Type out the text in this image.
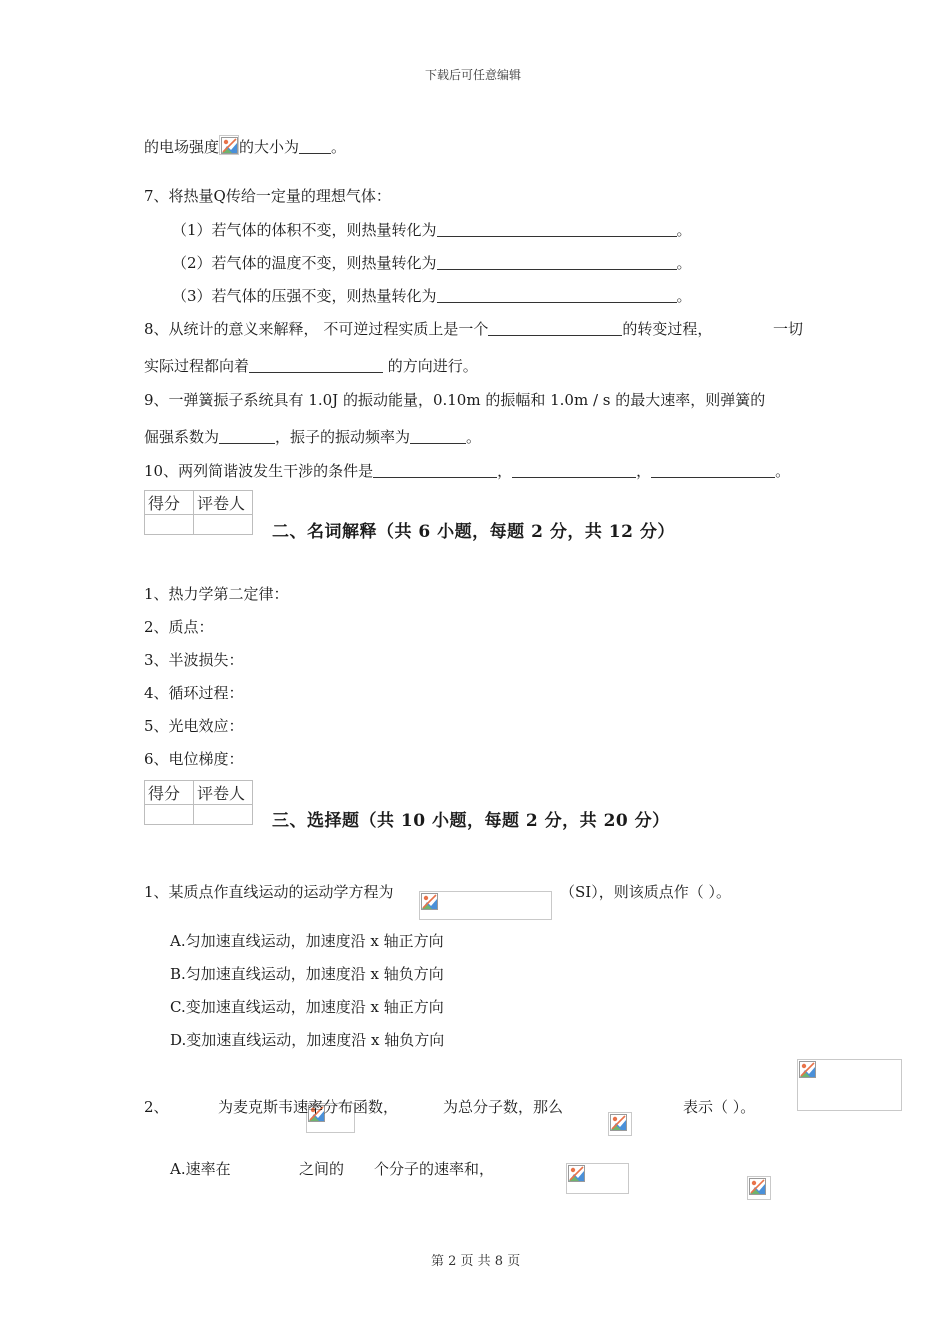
下载后可任意编辑
的电场强度 的大小为 。
7、将热量Q传给一定量的理想气体：
（1）若气体的体积不变，则热量转化为	。
（2）若气体的温度不变，则热量转化为	。
（3）若气体的压强不变，则热量转化为	。
8、从统计的意义来解释， 不可逆过程实质上是一个	的转变过程，	一切
实际过程都向着	的方向进行。
9、一弹簧振子系统具有 1.0J 的振动能量，0.10m 的振幅和 1.0m / s 的最大速率，则弹簧的
倔强系数为	，振子的振动频率为	。
10、两列简谐波发生干涉的条件是	，	，	。
得分	评卷人

二、名词解释（共 6 小题，每题 2 分，共 12 分）
1、热力学第二定律：
2、质点：
3、半波损失：
4、循环过程：
5、光电效应：
6、电位梯度：
得分	评卷人

三、选择题（共 10 小题，每题 2 分，共 20 分）
1、某质点作直线运动的运动学方程为
	（SI），则该质点作（ ）。
A.匀加速直线运动，加速度沿 x 轴正方向
B.匀加速直线运动，加速度沿 x 轴负方向
C.变加速直线运动，加速度沿 x 轴正方向
D.变加速直线运动，加速度沿 x 轴负方向
2、
	为麦克斯韦速率分布函数，
	为总分子数，那么
	表示（ ）。
A.速率在
	之间的 个分子的速率和，
第 2 页 共 8 页
